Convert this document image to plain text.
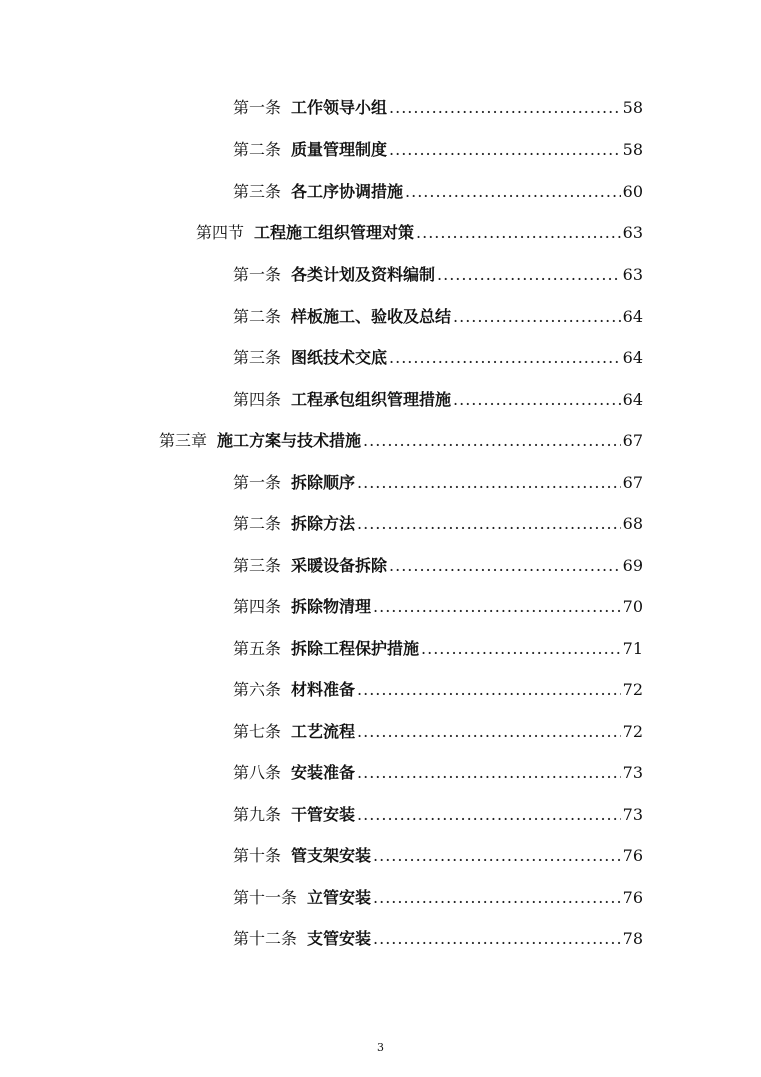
第一条 工作领导小组 .....	58
第二条 质量管理制度 .....	58
第三条 各工序协调措施 .....	60
第四节 工程施工组织管理对策 .....	63
第一条 各类计划及资料编制 .....	63
第二条 样板施工、验收及总结 .....	64
第三条 图纸技术交底 .....	64
第四条 工程承包组织管理措施 .....	64
第三章 施工方案与技术措施 .....	67
第一条 拆除顺序 .....	67
第二条 拆除方法 .....	68
第三条 采暖设备拆除 .....	69
第四条 拆除物清理 .....	70
第五条 拆除工程保护措施 .....	71
第六条 材料准备 .....	72
第七条 工艺流程 .....	72
第八条 安装准备 .....	73
第九条 干管安装 .....	73
第十条 管支架安装 .....	76
第十一条 立管安装 .....	76
第十二条 支管安装 .....	78
3
